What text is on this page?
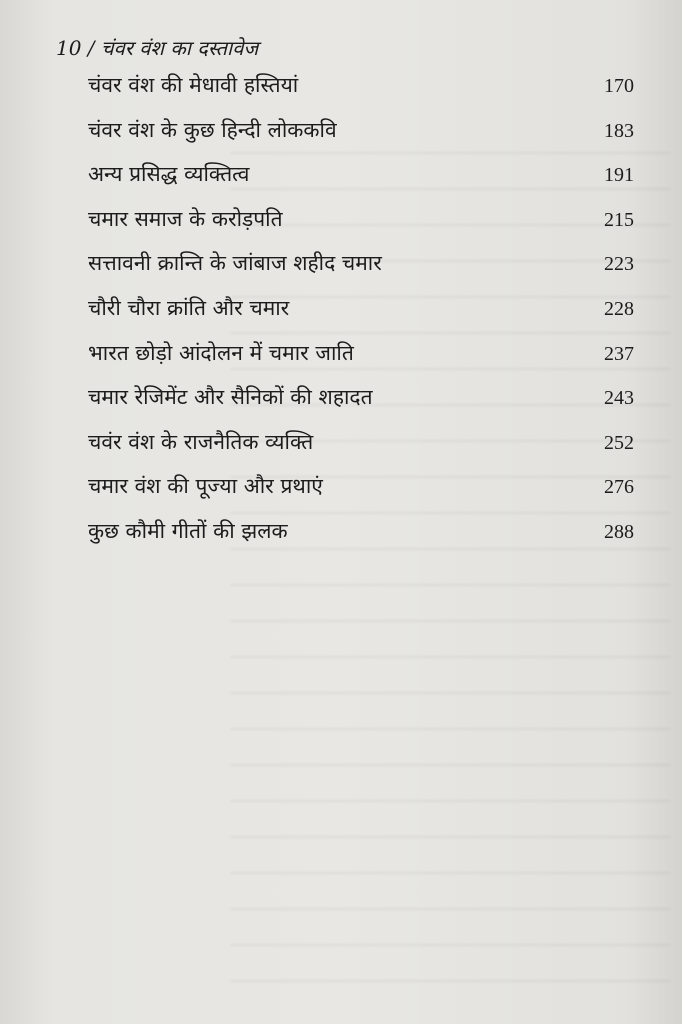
10 / चंवर वंश का दस्तावेज
चंवर वंश की मेधावी हस्तियां	170
चंवर वंश के कुछ हिन्दी लोककवि	183
अन्य प्रसिद्ध व्यक्तित्व	191
चमार समाज के करोड़पति	215
सत्तावनी क्रान्ति के जांबाज शहीद चमार	223
चौरी चौरा क्रांति और चमार	228
भारत छोड़ो आंदोलन में चमार जाति	237
चमार रेजिमेंट और सैनिकों की शहादत	243
चवंर वंश के राजनैतिक व्यक्ति	252
चमार वंश की पूज्या और प्रथाएं	276
कुछ कौमी गीतों की झलक	288
